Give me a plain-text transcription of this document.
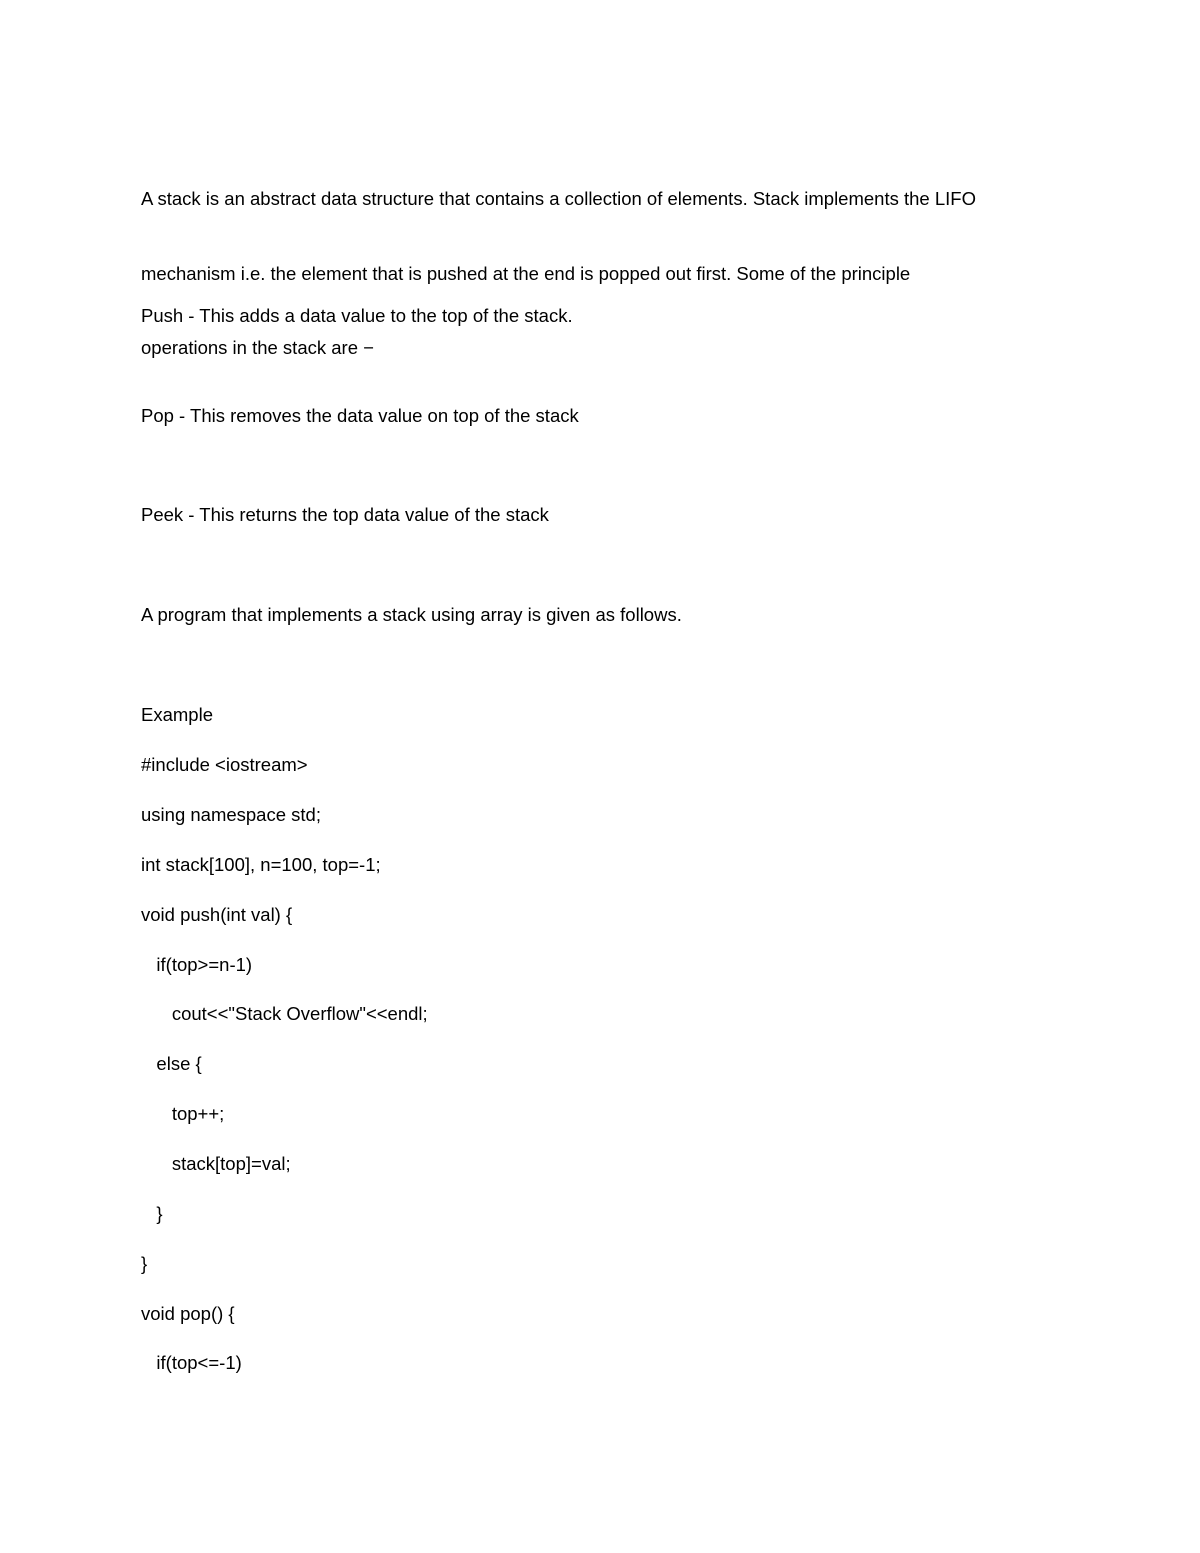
A stack is an abstract data structure that contains a collection of elements. Stack implements the LIFO

mechanism i.e. the element that is pushed at the end is popped out first. Some of the principle

operations in the stack are −

Push - This adds a data value to the top of the stack.
Pop - This removes the data value on top of the stack
Peek - This returns the top data value of the stack
A program that implements a stack using array is given as follows.
Example
#include <iostream>
using namespace std;
int stack[100], n=100, top=-1;
void push(int val) {
if(top>=n-1)
cout<<"Stack Overflow"<<endl;
else {
top++;
stack[top]=val;
}
}
void pop() {
if(top<=-1)
